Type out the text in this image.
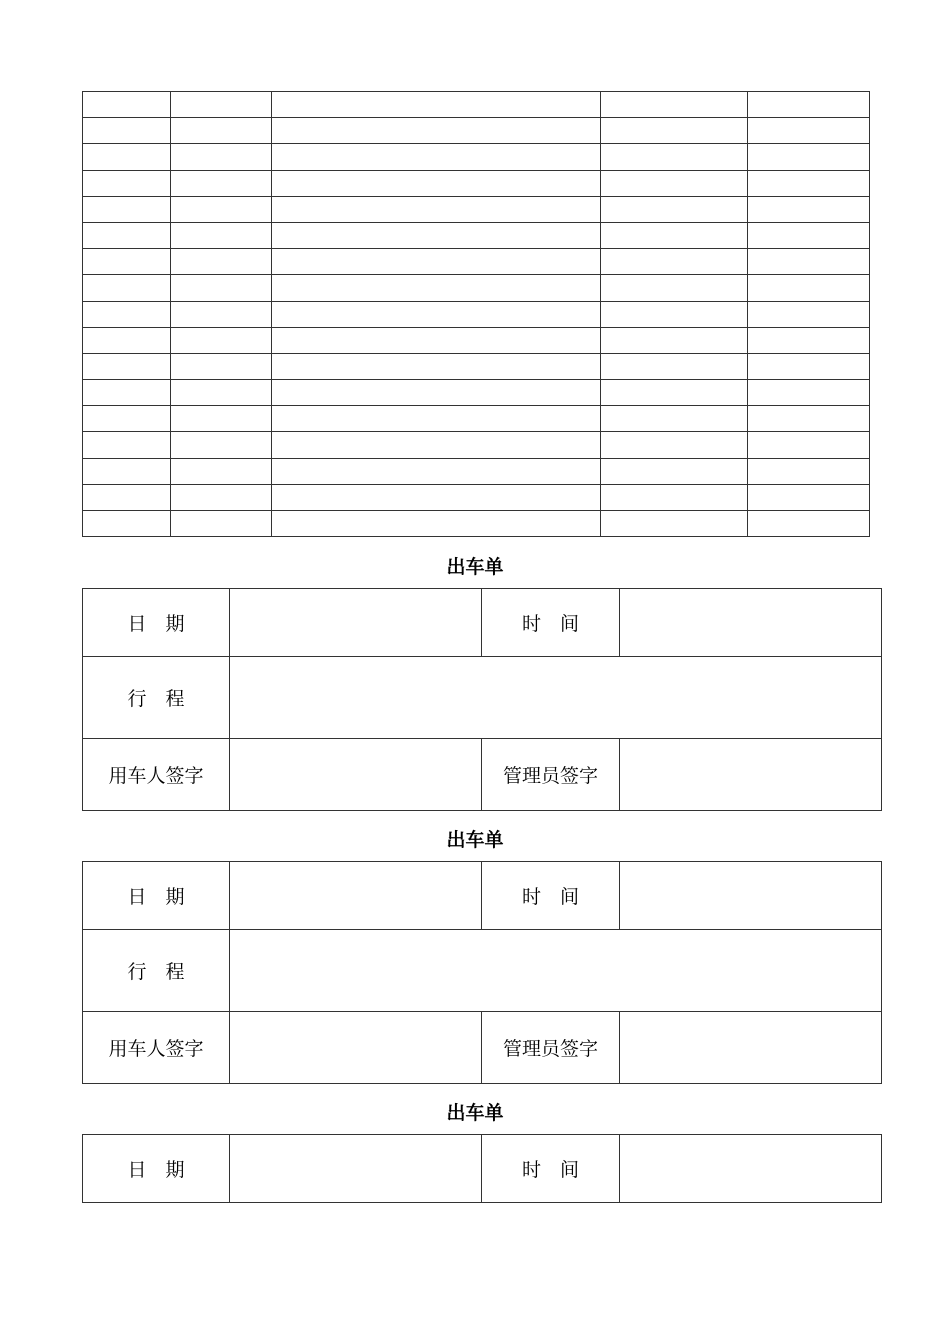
出车单
日　期		时　间	
行　程			
用车人签字		管理员签字	
出车单
日　期		时　间	
行　程			
用车人签字		管理员签字	
出车单
日　期		时　间	
